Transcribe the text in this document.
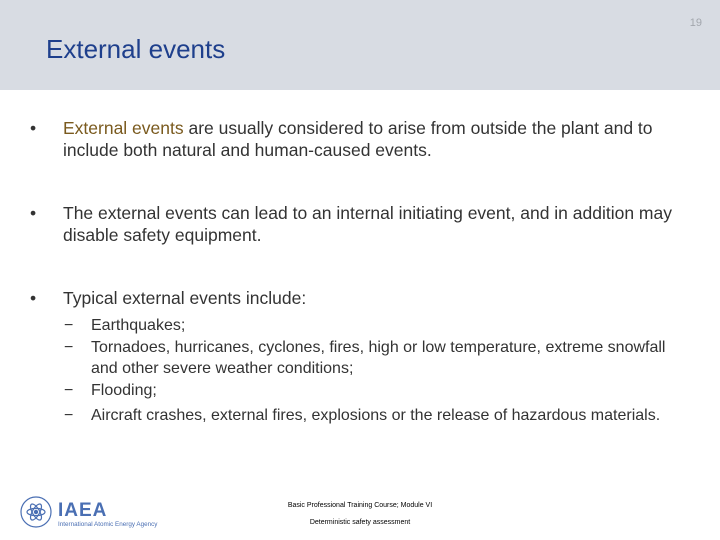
19
External events
•	External events are usually considered to arise from outside the plant and to include both natural and human-caused events.
•	The external events can lead to an internal initiating event, and in addition may disable safety equipment.
•	Typical external events include:
− Earthquakes;
− Tornadoes, hurricanes, cyclones, fires, high or low temperature, extreme snowfall and other severe weather conditions;
− Flooding;
− Aircraft crashes, external fires, explosions or the release of hazardous materials.
IAEA
International Atomic Energy Agency
Basic Professional Training Course; Module VI
Deterministic safety assessment
